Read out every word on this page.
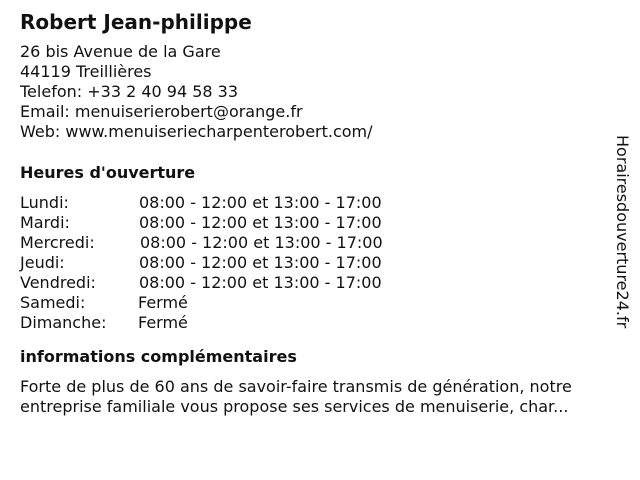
Robert Jean-philippe
26 bis Avenue de la Gare
44119 Treillières
Telefon: +33 2 40 94 58 33
Email: menuiserierobert@orange.fr
Web: www.menuiseriecharpenterobert.com/
Heures d'ouverture
Lundi:	08:00 - 12:00 et 13:00 - 17:00
Mardi:	08:00 - 12:00 et 13:00 - 17:00
Mercredi:	08:00 - 12:00 et 13:00 - 17:00
Jeudi:	08:00 - 12:00 et 13:00 - 17:00
Vendredi:	08:00 - 12:00 et 13:00 - 17:00
Samedi:	Fermé
Dimanche: Fermé
informations complémentaires
Forte de plus de 60 ans de savoir-faire transmis de génération, notre
entreprise familiale vous propose ses services de menuiserie, char...
Horairesdouverture24.fr
